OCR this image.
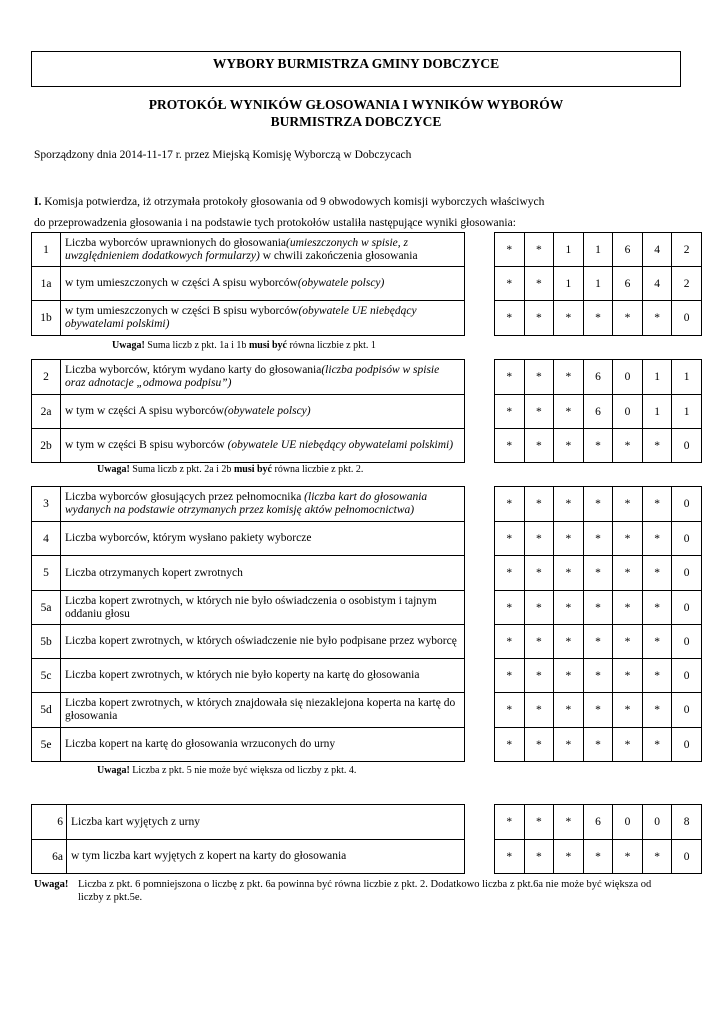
WYBORY BURMISTRZA GMINY DOBCZYCE
PROTOKÓŁ WYNIKÓW GŁOSOWANIA I WYNIKÓW WYBORÓW
BURMISTRZA DOBCZYCE
Sporządzony dnia 2014-11-17 r. przez Miejską Komisję Wyborczą w Dobczycach
I. Komisja potwierdza, iż otrzymała protokoły głosowania od 9 obwodowych komisji wyborczych właściwych
do przeprowadzenia głosowania i na podstawie tych protokołów ustaliła następujące wyniki głosowania:
1	Liczba wyborców uprawnionych do głosowania(umieszczonych w spisie, z uwzględnieniem dodatkowych formularzy) w chwili zakończenia głosowania		*	*	1	1	6	4	2
1a	w tym umieszczonych w części A spisu wyborców(obywatele polscy)		*	*	1	1	6	4	2
1b	w tym umieszczonych w części B spisu wyborców(obywatele UE niebędący obywatelami polskimi)		*	*	*	*	*	*	0
Uwaga! Suma liczb z pkt. 1a i 1b musi być równa liczbie z pkt. 1
2	Liczba wyborców, którym wydano karty do głosowania(liczba podpisów w spisie oraz adnotacje „odmowa podpisu”)		*	*	*	6	0	1	1
2a	w tym w części A spisu wyborców(obywatele polscy)		*	*	*	6	0	1	1
2b	w tym w części B spisu wyborców (obywatele UE niebędący obywatelami polskimi)		*	*	*	*	*	*	0
Uwaga! Suma liczb z pkt. 2a i 2b musi być równa liczbie z pkt. 2.
3	Liczba wyborców głosujących przez pełnomocnika (liczba kart do głosowania wydanych na podstawie otrzymanych przez komisję aktów pełnomocnictwa)		*	*	*	*	*	*	0
4	Liczba wyborców, którym wysłano pakiety wyborcze		*	*	*	*	*	*	0
5	Liczba otrzymanych kopert zwrotnych		*	*	*	*	*	*	0
5a	Liczba kopert zwrotnych, w których nie było oświadczenia o osobistym i tajnym oddaniu głosu		*	*	*	*	*	*	0
5b	Liczba kopert zwrotnych, w których oświadczenie nie było podpisane przez wyborcę		*	*	*	*	*	*	0
5c	Liczba kopert zwrotnych, w których nie było koperty na kartę do głosowania		*	*	*	*	*	*	0
5d	Liczba kopert zwrotnych, w których znajdowała się niezaklejona koperta na kartę do głosowania		*	*	*	*	*	*	0
5e	Liczba kopert na kartę do głosowania wrzuconych do urny		*	*	*	*	*	*	0
Uwaga! Liczba z pkt. 5 nie może być większa od liczby z pkt. 4.
6	Liczba kart wyjętych z urny		*	*	*	6	0	0	8
6a	w tym liczba kart wyjętych z kopert na karty do głosowania		*	*	*	*	*	*	0
Uwaga! Liczba z pkt. 6 pomniejszona o liczbę z pkt. 6a powinna być równa liczbie z pkt. 2. Dodatkowo liczba z pkt.6a nie może być większa od liczby z pkt.5e.
